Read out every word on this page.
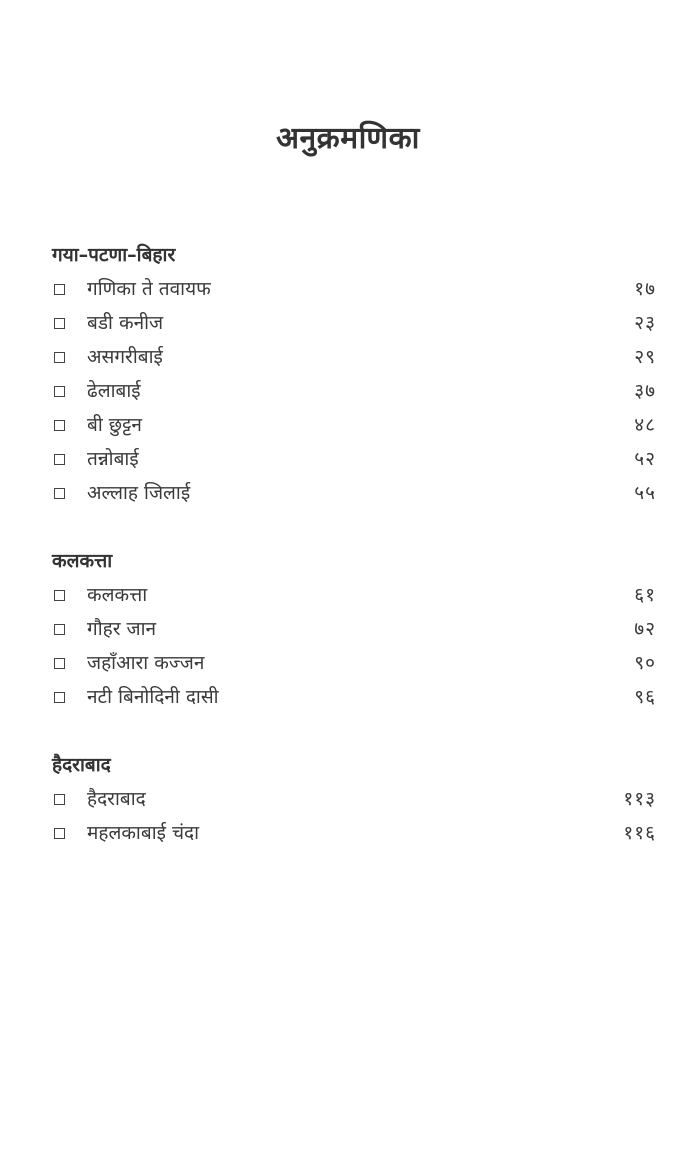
अनुक्रमणिका
गया–पटणा–बिहार
गणिका ते तवायफ	१७
बडी कनीज	२३
असगरीबाई	२९
ढेलाबाई	३७
बी छुट्टन	४८
तन्नोबाई	५२
अल्लाह जिलाई	५५
कलकत्ता
कलकत्ता	६१
गौहर जान	७२
जहाँआरा कज्जन	९०
नटी बिनोदिनी दासी	९६
हैदराबाद
हैदराबाद	११३
महलकाबाई चंदा	११६
